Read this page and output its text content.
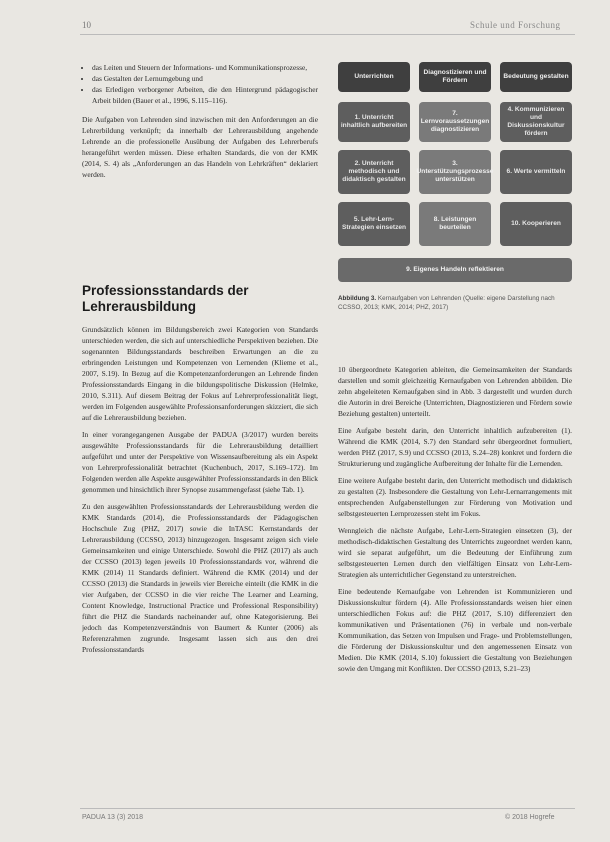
10	Schule und Forschung
• das Leiten und Steuern der Informations- und Kommunikationsprozesse,
• das Gestalten der Lernumgebung und
• das Erledigen verborgener Arbeiten, die den Hintergrund pädagogischer Arbeit bilden (Bauer et al., 1996, S.115–116).

Die Aufgaben von Lehrenden sind inzwischen mit den Anforderungen an die Lehrerbildung verknüpft; da innerhalb der Lehrerausbildung angehende Lehrende an die professionelle Ausübung der Aufgaben des Lehrerberufs herangeführt werden müssen. Diese erhalten Standards, die von der KMK (2014, S. 4) als „Anforderungen an das Handeln von Lehrkräften“ deklariert werden.

Professionsstandards der Lehrerausbildung

Grundsätzlich können im Bildungsbereich zwei Kategorien von Standards unterschieden werden, die sich auf unterschiedliche Perspektiven beziehen. Die sogenannten Bildungsstandards beschreiben Erwartungen an die zu erbringenden Leistungen und Kompetenzen von Lernenden (Klieme et al., 2007, S.19). In Bezug auf die Kompetenzanforderungen an Lehrende finden Professionsstandards Eingang in die bildungspolitische Diskussion (Helmke, 2010, S.311). Auf diesem Beitrag der Fokus auf Lehrerprofessionalität liegt, werden im Folgenden ausgewählte Professionsanforderungen skizziert, die sich auf die Lehrerausbildung beziehen.

In einer vorangegangenen Ausgabe der PADUA (3/2017) wurden bereits ausgewählte Professionsstandards für die Lehrerausbildung detailliert aufgeführt und unter der Perspektive von Wissensaufbereitung als ein Aspekt von Lehrerprofessionalität betrachtet (Kuchenbuch, 2017, S.169–172). Im Folgenden werden alle Aspekte ausgewählter Professionsstandards in den Blick genommen und hinsichtlich ihrer Synopse zusammengefasst (siehe Tab. 1).

Zu den ausgewählten Professionsstandards der Lehrerausbildung werden die KMK Standards (2014), die Professionsstandards der Pädagogischen Hochschule Zug (PHZ, 2017) sowie die InTASC Kernstandards der Lehrerausbildung (CCSSO, 2013) hinzugezogen. Insgesamt zeigen sich viele Gemeinsamkeiten und einige Unterschiede. Sowohl die PHZ (2017) als auch der CCSSO (2013) legen jeweils 10 Professionsstandards vor, während die KMK (2014) 11 Standards definiert. Während die KMK (2014) und der CCSSO (2013) die Standards in jeweils vier Bereiche einteilt (die KMK in die vier Aufgaben, der CCSSO in die vier reiche The Learner and Learning, Content Knowledge, Instructional Practice und Professional Responsibility) führt die PHZ die Standards nacheinander auf, ohne Kategorisierung. Bei jedoch das Kompetenzverständnis von Baumert & Kunter (2006) als Referenzrahmen zugrunde. Insgesamt lassen sich aus den drei Professionsstandards

Unterrichten
Diagnostizieren und Fördern
Bedeutung gestalten
1. Unterricht inhaltlich aufbereiten
7. Lernvoraussetzungen diagnostizieren
4. Kommunizieren und Diskussionskultur fördern
2. Unterricht methodisch und didaktisch gestalten
3. Unterstützungsprozesse unterstützen
6. Werte vermitteln
5. Lehr-Lern-Strategien einsetzen
8. Leistungen beurteilen
10. Kooperieren
9. Eigenes Handeln reflektieren
Abbildung 3. Kernaufgaben von Lehrenden (Quelle: eigene Darstellung nach CCSSO, 2013; KMK, 2014; PHZ, 2017)

10 übergeordnete Kategorien ableiten, die Gemeinsamkeiten der Standards darstellen und somit gleichzeitig Kernaufgaben von Lehrenden abbilden. Die zehn abgeleiteten Kernaufgaben sind in Abb. 3 dargestellt und wurden durch die Autorin in drei Bereiche (Unterrichten, Diagnostizieren und Fördern sowie Beziehung gestalten) unterteilt.

Eine Aufgabe besteht darin, den Unterricht inhaltlich aufzubereiten (1). Während die KMK (2014, S.7) den Standard sehr übergeordnet formuliert, werden PHZ (2017, S.9) und CCSSO (2013, S.24–28) konkret und fordern die Strukturierung und zugängliche Aufbereitung der Inhalte für die Lernenden.

Eine weitere Aufgabe besteht darin, den Unterricht methodisch und didaktisch zu gestalten (2). Insbesondere die Gestaltung von Lehr-Lernarrangements mit entsprechenden Aufgabenstellungen zur Förderung von Motivation und selbstgesteuerten Lernprozessen steht im Fokus.

Wenngleich die nächste Aufgabe, Lehr-Lern-Strategien einsetzen (3), der methodisch-didaktischen Gestaltung des Unterrichts zugeordnet werden kann, wird sie separat aufgeführt, um die Bedeutung der Einführung zum selbstgesteuerten Lernen durch den vielfältigen Einsatz von Lehr-Lern-Strategien als unterrichtlicher Gegenstand zu unterstreichen.

Eine bedeutende Kernaufgabe von Lehrenden ist Kommunizieren und Diskussionskultur fördern (4). Alle Professionsstandards weisen hier einen unterschiedlichen Fokus auf: die PHZ (2017, S.10) differenziert den kommunikativen und Präsentationen (76) in verbale und non-verbale Kommunikation, das Setzen von Impulsen und Frage- und Problemstellungen, die Förderung der Diskussionskultur und den angemessenen Einsatz von Medien. Die KMK (2014, S.10) fokussiert die Gestaltung von Beziehungen sowie den Umgang mit Konflikten. Der CCSSO (2013, S.21–23)

PADUA 13 (3) 2018	© 2018 Hogrefe
